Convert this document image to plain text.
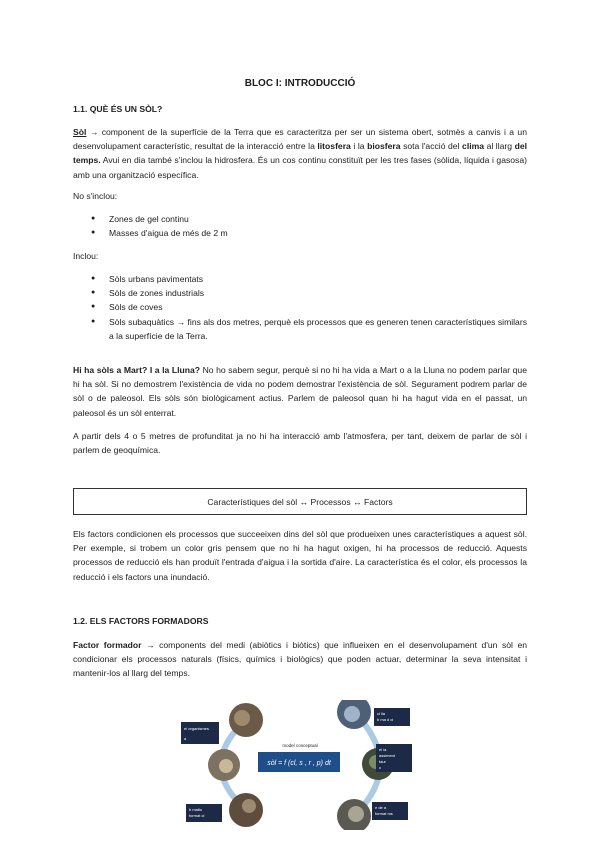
BLOC I: INTRODUCCIÓ
1.1. QUÈ ÉS UN SÒL?

Sòl → component de la superfície de la Terra que es caracteritza per ser un sistema obert, sotmès a canvis i a un desenvolupament característic, resultat de la interacció entre la litosfera i la biosfera sota l'acció del clima al llarg del temps. Avui en dia també s'inclou la hidrosfera. És un cos continu constituït per les tres fases (sòlida, líquida i gasosa) amb una organització específica.

No s'inclou:
● Zones de gel continu
● Masses d'aigua de més de 2 m
Inclou:
● Sòls urbans pavimentats
● Sòls de zones industrials
● Sòls de coves
● Sòls subaquàtics → fins als dos metres, perquè els processos que es generen tenen característiques similars a la superfície de la Terra.

Hi ha sòls a Mart? I a la Lluna? No ho sabem segur, perquè si no hi ha vida a Mart o a la Lluna no podem parlar que hi ha sòl. Si no demostrem l'existència de vida no podem demostrar l'existència de sòl. Segurament podrem parlar de sòl o de paleosol. Els sòls són biològicament actius. Parlem de paleosol quan hi ha hagut vida en el passat, un paleosol és un sòl enterrat.

A partir dels 4 o 5 metres de profunditat ja no hi ha interacció amb l'atmosfera, per tant, deixem de parlar de sòl i parlem de geoquímica.

Característiques del sòl ↔ Processos ↔ Factors

Els factors condicionen els processos que succeeixen dins del sòl que produeixen unes característiques a aquest sòl. Per exemple, si trobem un color gris pensem que no hi ha hagut oxigen, hi ha processos de reducció. Aquests processos de reducció els han produït l'entrada d'aigua i la sortida d'aire. La característica és el color, els processos la reducció i els factors una inundació.

1.2. ELS FACTORS FORMADORS

Factor formador → components del medi (abiòtics i biòtics) que influeixen en el desenvolupament d'un sòl en condicionar els processos naturals (físics, químics i biològics) que poden actuar, determinar la seva intensitat i mantenir-los al llarg del temps.

el organismes
a
b matiu
format ci
cl ila
b ma d ci
el ia
assiment
taur
c
e de a
format ms
model conceptual
sòl = f (cl, s , r , p) dt
